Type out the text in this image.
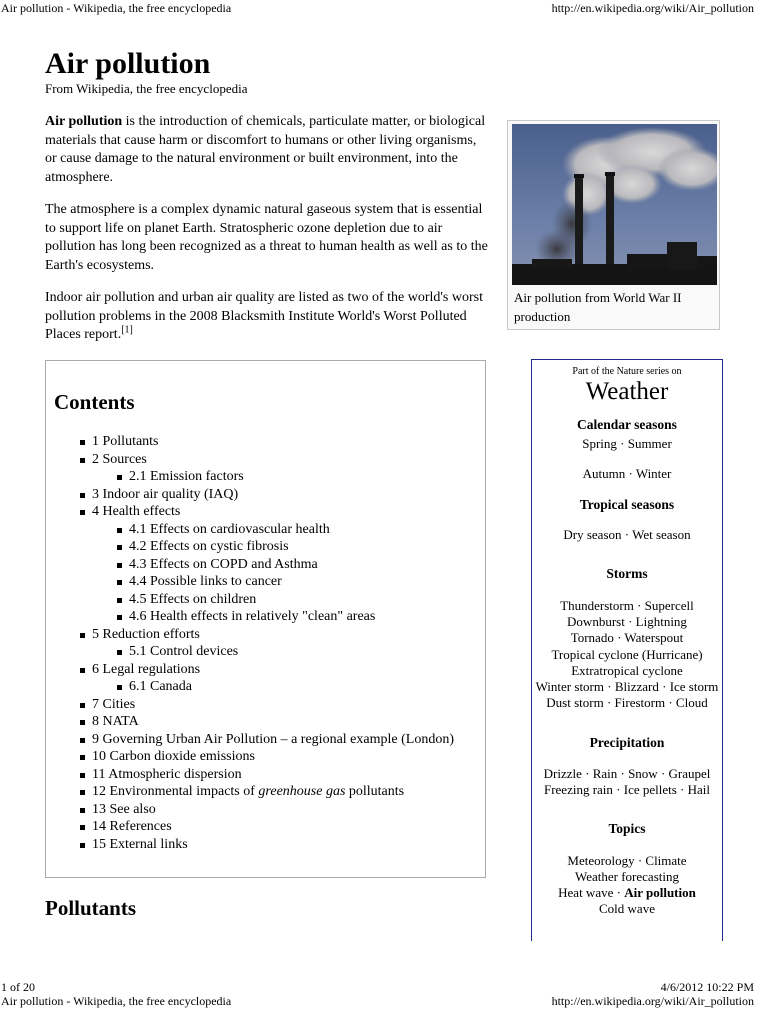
Air pollution - Wikipedia, the free encyclopedia	http://en.wikipedia.org/wiki/Air_pollution
1 of 20	4/6/2012 10:22 PM
Air pollution - Wikipedia, the free encyclopedia	http://en.wikipedia.org/wiki/Air_pollution
Air pollution
From Wikipedia, the free encyclopedia

Air pollution is the introduction of chemicals, particulate matter, or biological materials that cause harm or discomfort to humans or other living organisms, or cause damage to the natural environment or built environment, into the atmosphere.

The atmosphere is a complex dynamic natural gaseous system that is essential to support life on planet Earth. Stratospheric ozone depletion due to air pollution has long been recognized as a threat to human health as well as to the Earth's ecosystems.

Indoor air pollution and urban air quality are listed as two of the world's worst pollution problems in the 2008 Blacksmith Institute World's Worst Polluted Places report.[1]

Air pollution from World War II production
Contents
1 Pollutants
2 Sources
2.1 Emission factors
3 Indoor air quality (IAQ)
4 Health effects
4.1 Effects on cardiovascular health
4.2 Effects on cystic fibrosis
4.3 Effects on COPD and Asthma
4.4 Possible links to cancer
4.5 Effects on children
4.6 Health effects in relatively "clean" areas
5 Reduction efforts
5.1 Control devices
6 Legal regulations
6.1 Canada
7 Cities
8 NATA
9 Governing Urban Air Pollution – a regional example (London)
10 Carbon dioxide emissions
11 Atmospheric dispersion
12 Environmental impacts of greenhouse gas pollutants
13 See also
14 References
15 External links
Pollutants
Part of the Nature series on
Weather
Calendar seasons
Spring · Summer
Autumn · Winter
Tropical seasons
Dry season · Wet season
Storms
Thunderstorm · Supercell
Downburst · Lightning
Tornado · Waterspout
Tropical cyclone (Hurricane)
Extratropical cyclone
Winter storm · Blizzard · Ice storm
Dust storm · Firestorm · Cloud
Precipitation
Drizzle · Rain · Snow · Graupel
Freezing rain · Ice pellets · Hail
Topics
Meteorology · Climate
Weather forecasting
Heat wave · Air pollution
Cold wave
